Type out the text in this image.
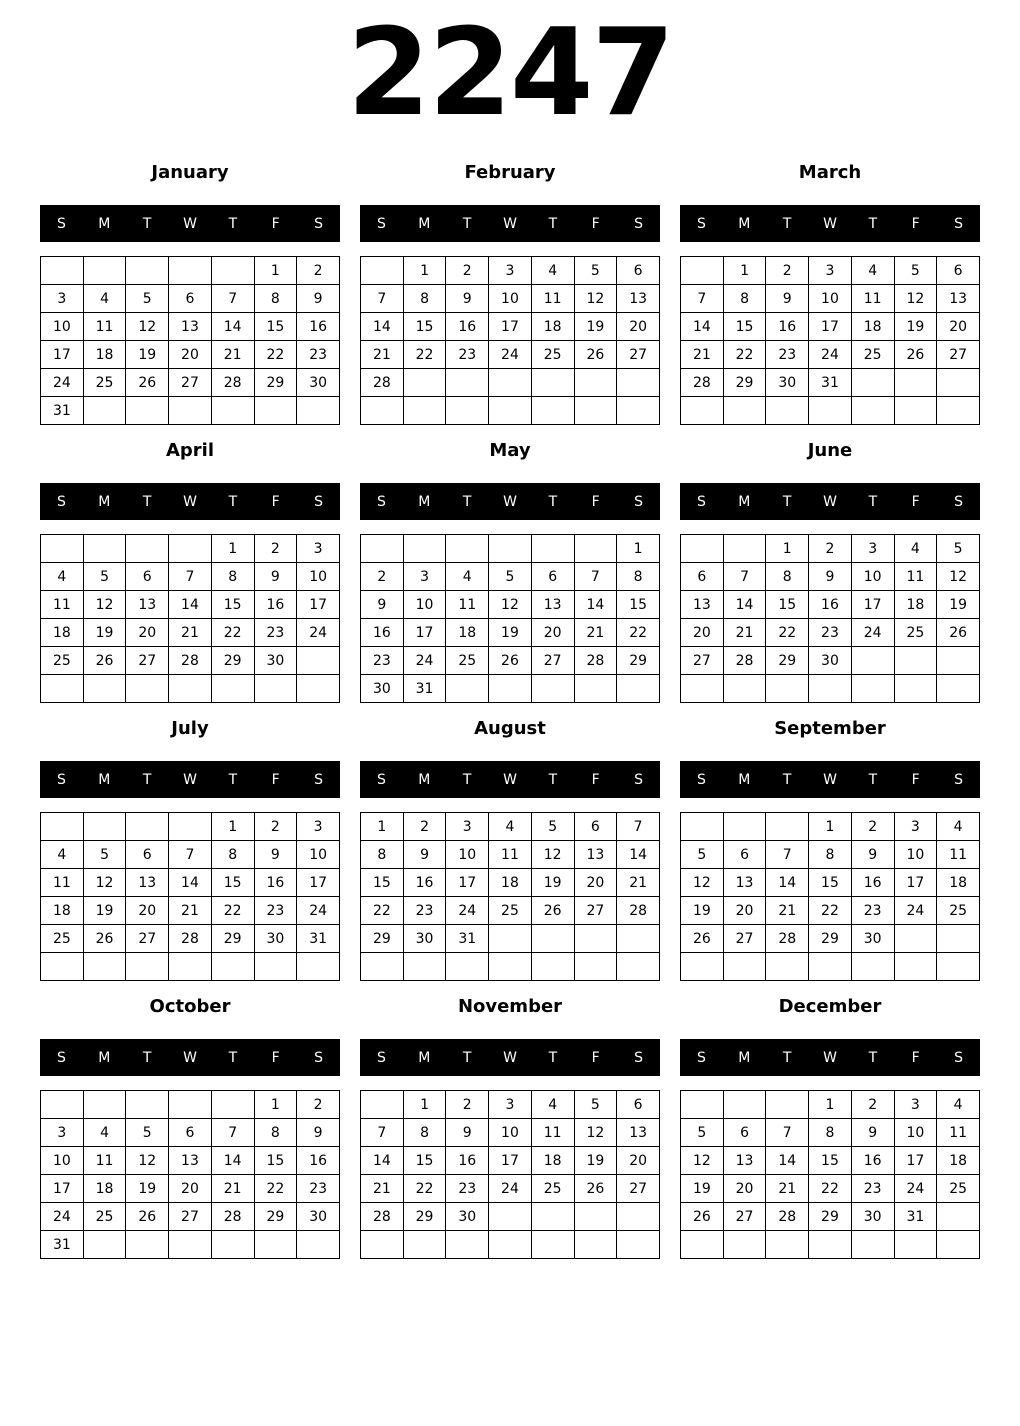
2247
January
S	M	T	W	T	F	S
					1	2
3	4	5	6	7	8	9
10	11	12	13	14	15	16
17	18	19	20	21	22	23
24	25	26	27	28	29	30
31						
February
S	M	T	W	T	F	S
	1	2	3	4	5	6
7	8	9	10	11	12	13
14	15	16	17	18	19	20
21	22	23	24	25	26	27
28						

March
S	M	T	W	T	F	S
	1	2	3	4	5	6
7	8	9	10	11	12	13
14	15	16	17	18	19	20
21	22	23	24	25	26	27
28	29	30	31			

April
S	M	T	W	T	F	S
				1	2	3
4	5	6	7	8	9	10
11	12	13	14	15	16	17
18	19	20	21	22	23	24
25	26	27	28	29	30	

May
S	M	T	W	T	F	S
						1
2	3	4	5	6	7	8
9	10	11	12	13	14	15
16	17	18	19	20	21	22
23	24	25	26	27	28	29
30	31					
June
S	M	T	W	T	F	S
		1	2	3	4	5
6	7	8	9	10	11	12
13	14	15	16	17	18	19
20	21	22	23	24	25	26
27	28	29	30			

July
S	M	T	W	T	F	S
				1	2	3
4	5	6	7	8	9	10
11	12	13	14	15	16	17
18	19	20	21	22	23	24
25	26	27	28	29	30	31

August
S	M	T	W	T	F	S
1	2	3	4	5	6	7
8	9	10	11	12	13	14
15	16	17	18	19	20	21
22	23	24	25	26	27	28
29	30	31				

September
S	M	T	W	T	F	S
			1	2	3	4
5	6	7	8	9	10	11
12	13	14	15	16	17	18
19	20	21	22	23	24	25
26	27	28	29	30		

October
S	M	T	W	T	F	S
					1	2
3	4	5	6	7	8	9
10	11	12	13	14	15	16
17	18	19	20	21	22	23
24	25	26	27	28	29	30
31						
November
S	M	T	W	T	F	S
	1	2	3	4	5	6
7	8	9	10	11	12	13
14	15	16	17	18	19	20
21	22	23	24	25	26	27
28	29	30				

December
S	M	T	W	T	F	S
			1	2	3	4
5	6	7	8	9	10	11
12	13	14	15	16	17	18
19	20	21	22	23	24	25
26	27	28	29	30	31	
